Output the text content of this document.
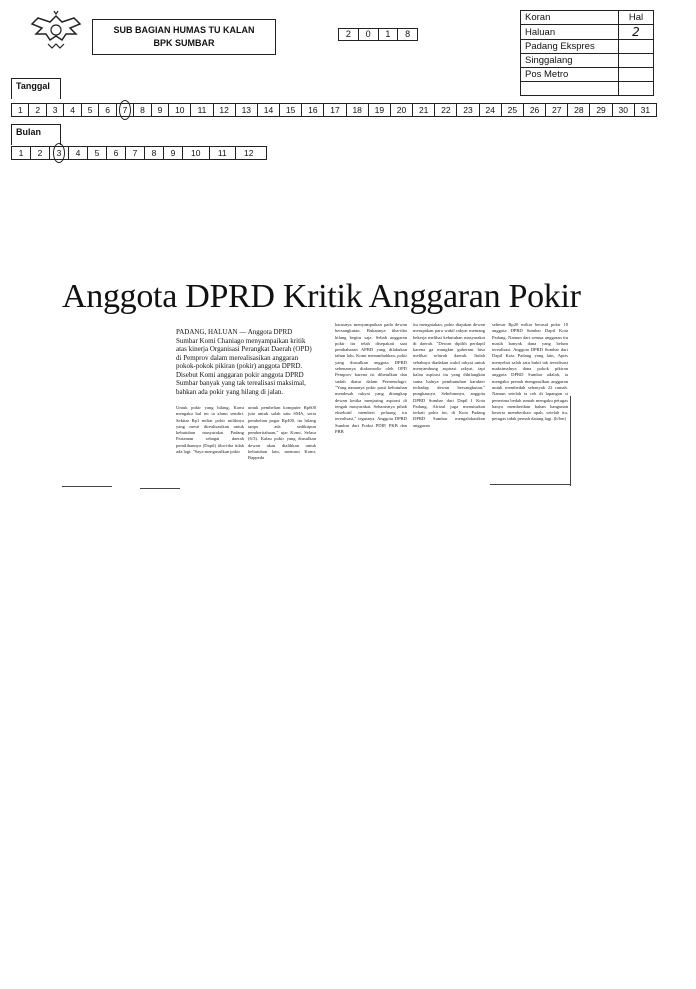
SUB BAGIAN HUMAS TU KALAN
BPK SUMBAR
2	0	1	8
Koran	Hal
Haluan	2
Padang Ekspres	
Singgalang	
Pos Metro	

Tanggal
1	2	3	4	5	6	7	8	9	10	11	12	13	14	15	16	17	18	19	20	21	22	23	24	25	26	27	28	29	30	31
Bulan
1	2	3	4	5	6	7	8	9	10	11	12
Anggota DPRD Kritik Anggaran Pokir
PADANG, HALUAN — Anggota DPRD Sumbar Komi Chaniago menyampaikan kritik atas kinerja Organisasi Perangkat Daerah (OPD) di Pemprov dalam merealisasikan anggaran pokok-pokok pikiran (pokir) anggota DPRD. Disebut Komi anggaran pokir anggota DPRD Sumbar banyak yang tak terealisasi maksimal, bahkan ada pokir yang hilang di jalan.
Untuk pokir yang hilang, Komi mengaku hal ini ia alami sendiri. Sekitar Rp1 miliar pokir miliknya yang mesti direalisasikan untuk kebutuhan masyarakat Padang Pariaman sebagai daerah pemilihannya (Dapil) tiba-tiba tidak ada lagi. "Saya mengusulkan pokir
untuk pembelian komputer Rp600 juta untuk salah satu SMA, serta pembelian pagar Rp400, itu hilang tanpa ada sedikitpun pemberitahuan," ujar Komi, Selasa (6/3). Kalau pokir yang diusulkan dewan akan dialihkan untuk kebutuhan lain, menurut Komi, Bappeda
karusnya menyampaikan pada dewan bersangkutan. Bukannya tiba-tiba hilang begitu saja. Sebab anggaran pokir itu telah disepakati saat pembahasan APBD yang dilakukan tahun lalu. Komi menambahkan, pokir yang diusulkan anggota DPRD sebenarnya diakomodir oleh OPD Pemprov karena isi dibetulkan dan sudah diatur dalam Permendagri. "Yang namanya pokir pasti kebutuhan mendesak rakyat yang ditangkap dewan ketika menjaring aspirasi di tengah masyarakat. Seharusnya pihak eksekutif memberi peluang itu terealisasi," tegasnya. Anggota DPRD Sumbar dari Fraksi PDIP, PKB dan PBB
itu mengatakan, pokir diajukan dewan merupakan para wakil rakyat memang bekerja melihat kebutuhan masyarakat di daerah. "Dewan dipilih perdapil karena ga mungkin gubernur bisa melihat seluruh daerah. Itulah sebabnya diadakan wakil rakyat untuk menyambung aspirasi rakyat, tapi kalau aspirasi itu yang dihilangkan sama halnya pembunuhan karakter terhadap dewan bersangkutan," pungkasnya. Sebelumnya, anggota DPRD Sumbar dari Dapil I Kota Padang, Afrizal juga menuturkan terkait pokir ini, di Kota Padang DPRD Sumbar mengalokasikan anggaran
sebesar Rp20 miliar berasal pokir 10 anggota DPRD Sumbar Dapil Kota Padang. Namun dari semua anggaran itu masih banyak dana yang belum terealisasi. Anggota DPRD Sumbar dari Dapil Kota Padang yang lain, Apris menyebut salah satu bukti tak terealisasi maksimalnya dana pokok pikiran anggota DPRD Sumbar adalah, ia mengaku pernah mengusulkan anggaran untuk membedah sebanyak 22 rumah. Namun setelah ia cek di lapangan si penerima bedah rumah mengaku petugas hanya memberikan bahan bangunan beserta memberikan upah, setelah itu, petugas tidak pernah datang lagi. (h/len)
